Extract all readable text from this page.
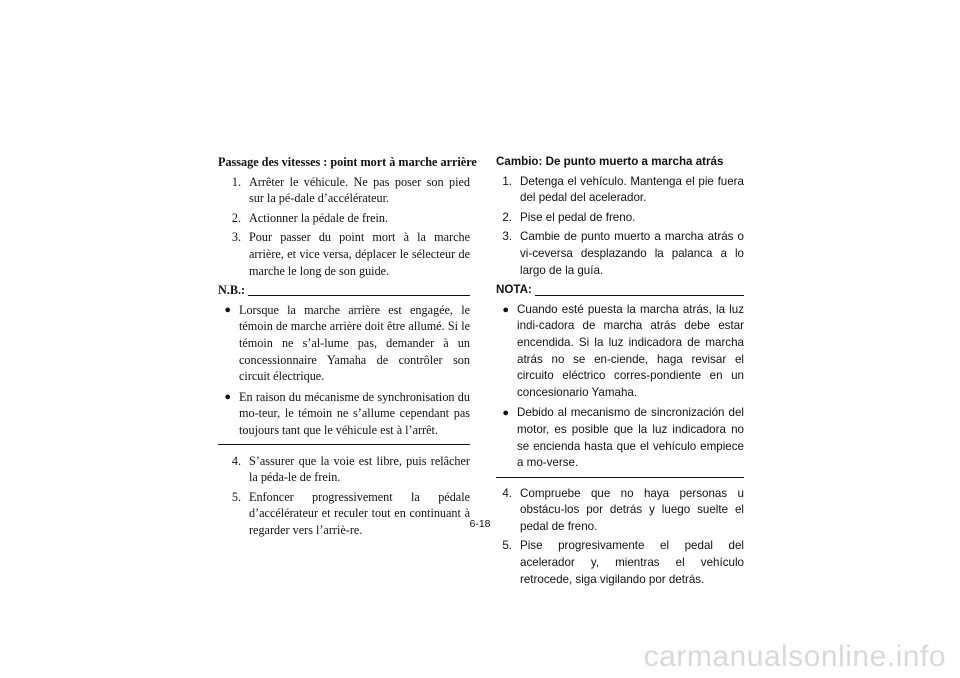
Passage des vitesses : point mort à marche arrière
1. Arrêter le véhicule. Ne pas poser son pied sur la pé-dale d’accélérateur.
2. Actionner la pédale de frein.
3. Pour passer du point mort à la marche arrière, et vice versa, déplacer le sélecteur de marche le long de son guide.
N.B.:
● Lorsque la marche arrière est engagée, le témoin de marche arrière doit être allumé. Si le témoin ne s’al-lume pas, demander à un concessionnaire Yamaha de contrôler son circuit électrique.
● En raison du mécanisme de synchronisation du mo-teur, le témoin ne s’allume cependant pas toujours tant que le véhicule est à l’arrêt.
4. S’assurer que la voie est libre, puis relâcher la péda-le de frein.
5. Enfoncer progressivement la pédale d’accélérateur et reculer tout en continuant à regarder vers l’arriè-re.
Cambio: De punto muerto a marcha atrás
1. Detenga el vehículo. Mantenga el pie fuera del pedal del acelerador.
2. Pise el pedal de freno.
3. Cambie de punto muerto a marcha atrás o vi-ceversa desplazando la palanca a lo largo de la guía.
NOTA:
● Cuando esté puesta la marcha atrás, la luz indi-cadora de marcha atrás debe estar encendida. Si la luz indicadora de marcha atrás no se en-ciende, haga revisar el circuito eléctrico corres-pondiente en un concesionario Yamaha.
● Debido al mecanismo de sincronización del motor, es posible que la luz indicadora no se encienda hasta que el vehículo empiece a mo-verse.
4. Compruebe que no haya personas u obstácu-los por detrás y luego suelte el pedal de freno.
5. Pise progresivamente el pedal del acelerador y, mientras el vehículo retrocede, siga vigilando por detrás.
6-18
carmanualsonline.info
